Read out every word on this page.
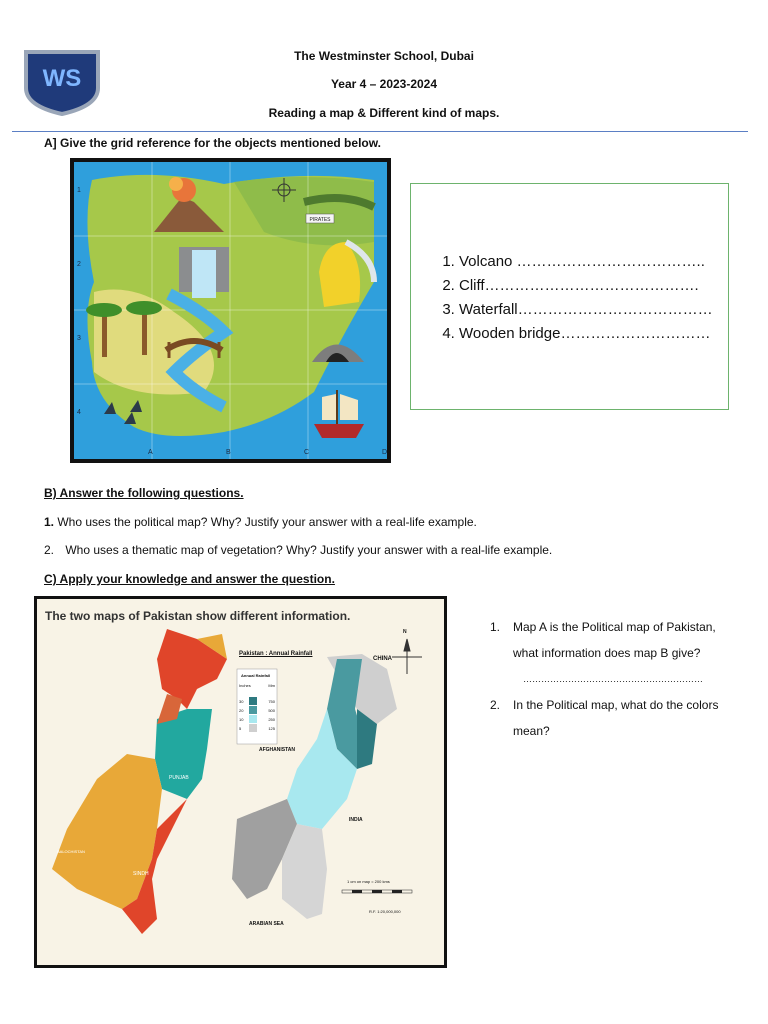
WS
The Westminster School, Dubai
Year 4 – 2023-2024
Reading a map & Different kind of maps.
A] Give the grid reference for the objects mentioned below.
PIRATES
A	B	C	D
1
2
3
4
1. Volcano ………………………………..
2. Cliff…………………………………….
3. Waterfall…………………………………
4. Wooden bridge…………………………
B) Answer the following questions.
1. Who uses the political map? Why? Justify your answer with a real-life example.
2. Who uses a thematic map of vegetation? Why? Justify your answer with a real-life example.
C) Apply your knowledge and answer the question.
The two maps of Pakistan show different information.
Pakistan : Annual Rainfall
Annual Rainfall
Inches	Mm
30	750
20	500
10	250
5	125
CHINA
N
AFGHANISTAN
INDIA
ARABIAN SEA
PUNJAB
SINDH
BALOCHISTAN
1 cm on map = 200 kms
R.F. 1:20,000,000
1.	Map A is the Political map of Pakistan,
what information does map B give?
……………………………………………………
2.	In the Political map, what do the colors
mean?
